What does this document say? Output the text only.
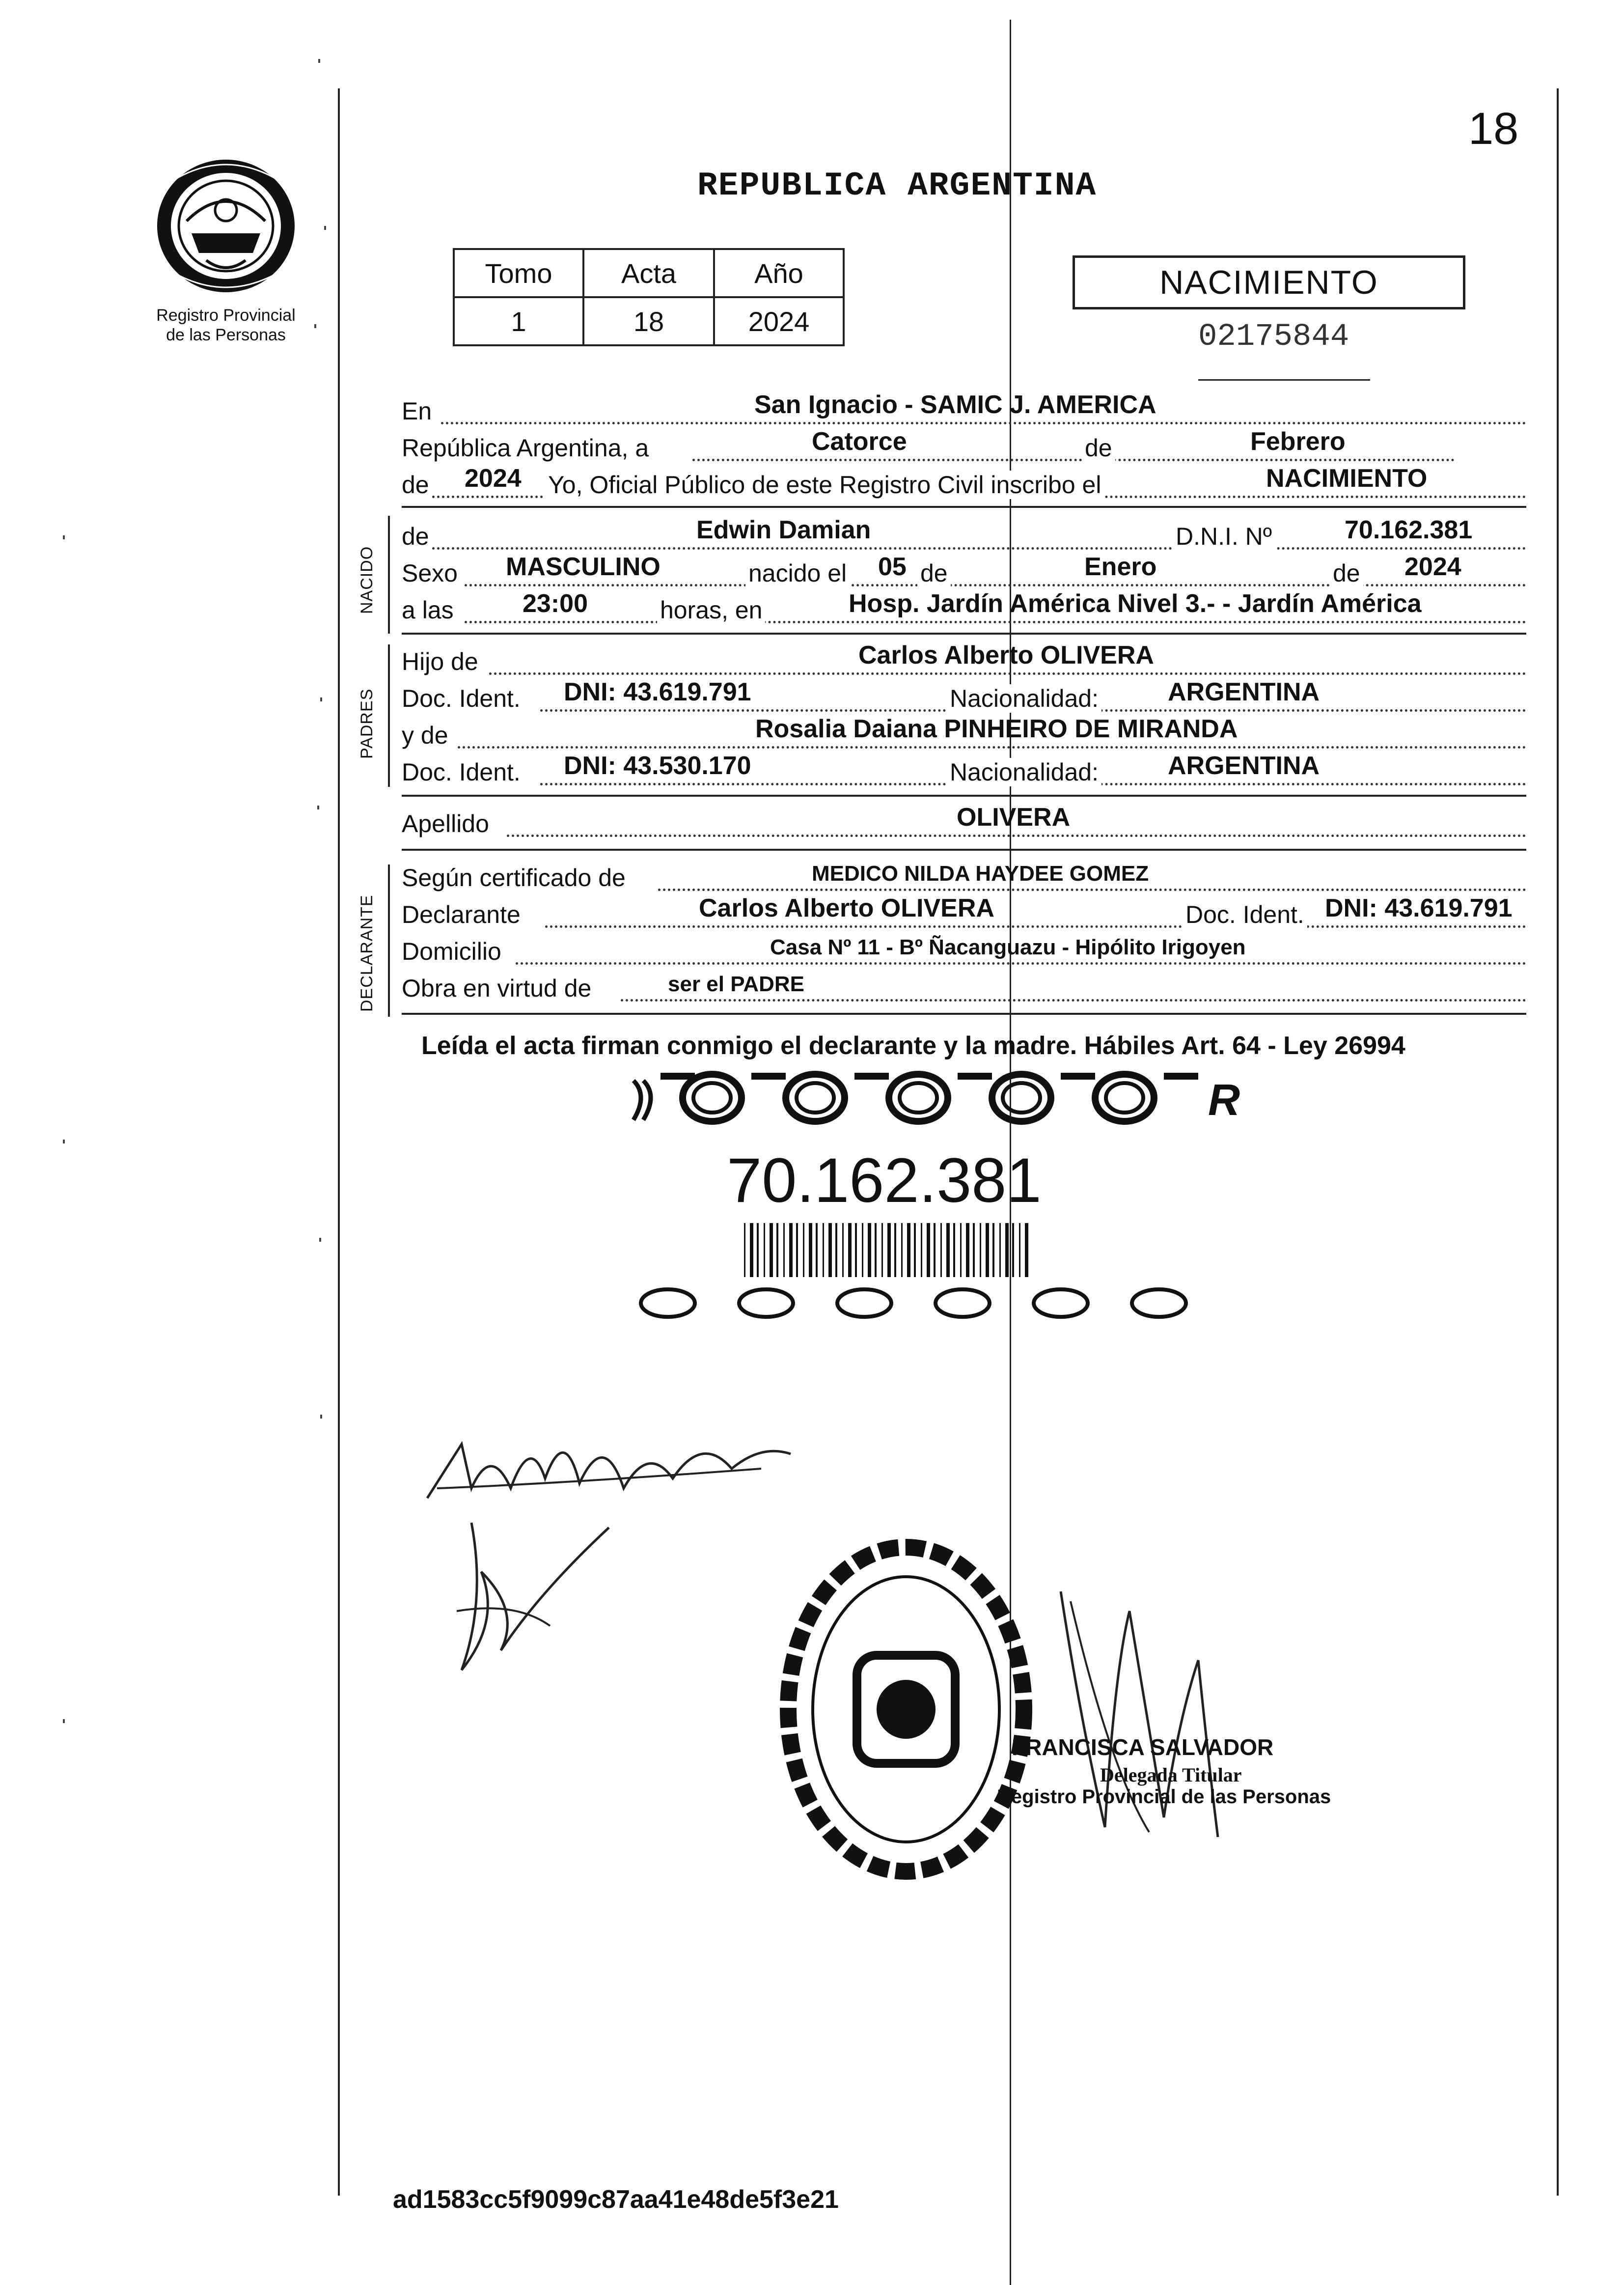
18
Registro Provincial
de las Personas
REPUBLICA ARGENTINA
Tomo	Acta	Año
1	18	2024
NACIMIENTO
02175844
En	San Ignacio - SAMIC J. AMERICA
República Argentina, a	Catorce	de	Febrero
de 2024 Yo, Oficial Público de este Registro Civil inscribo el	NACIMIENTO
NACIDO
de	Edwin Damian	D.N.I. Nº	70.162.381
Sexo MASCULINO	nacido el 05 de	Enero	de 2024
a las	23:00	horas, en	Hosp. Jardín América Nivel 3.- - Jardín América
PADRES
Hijo de	Carlos Alberto OLIVERA
Doc. Ident. DNI: 43.619.791	Nacionalidad:	ARGENTINA
y de	Rosalia Daiana PINHEIRO DE MIRANDA
Doc. Ident. DNI: 43.530.170	Nacionalidad:	ARGENTINA
Apellido	OLIVERA
DECLARANTE
Según certificado de	MEDICO NILDA HAYDEE GOMEZ
Declarante	Carlos Alberto OLIVERA	Doc. Ident. DNI: 43.619.791
Domicilio	Casa Nº 11 - Bº Ñacanguazu - Hipólito Irigoyen
Obra en virtud de	ser el PADRE
Leída el acta firman conmigo el declarante y la madre. Hábiles Art. 64 - Ley 26994
R
70.162.381
FRANCISCA SALVADOR
Delegada Titular
Registro Provincial de las Personas
ad1583cc5f9099c87aa41e48de5f3e21
